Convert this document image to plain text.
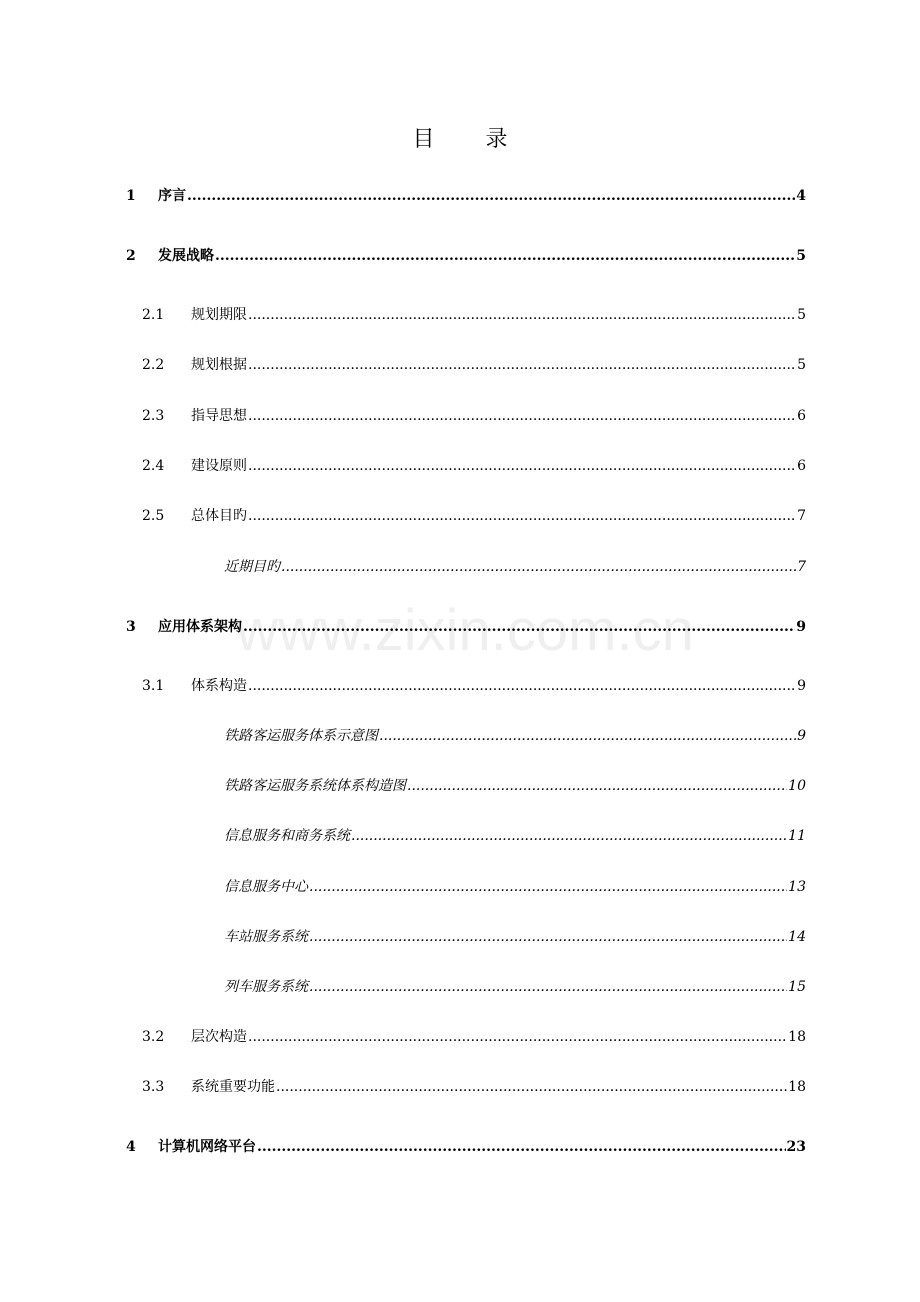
www.zixin.com.cn
目 录
1 序言 .....	4
2 发展战略 .....	5
2.1 规划期限 .....	5
2.2 规划根据 .....	5
2.3 指导思想 .....	6
2.4 建设原则 .....	6
2.5 总体目旳 .....	7
近期目旳 .....	7
3 应用体系架构 .....	9
3.1 体系构造 .....	9
铁路客运服务体系示意图 .....	9
铁路客运服务系统体系构造图 .....	10
信息服务和商务系统 .....	11
信息服务中心 .....	13
车站服务系统 .....	14
列车服务系统 .....	15
3.2 层次构造 .....	18
3.3 系统重要功能 .....	18
4 计算机网络平台 .....	23
